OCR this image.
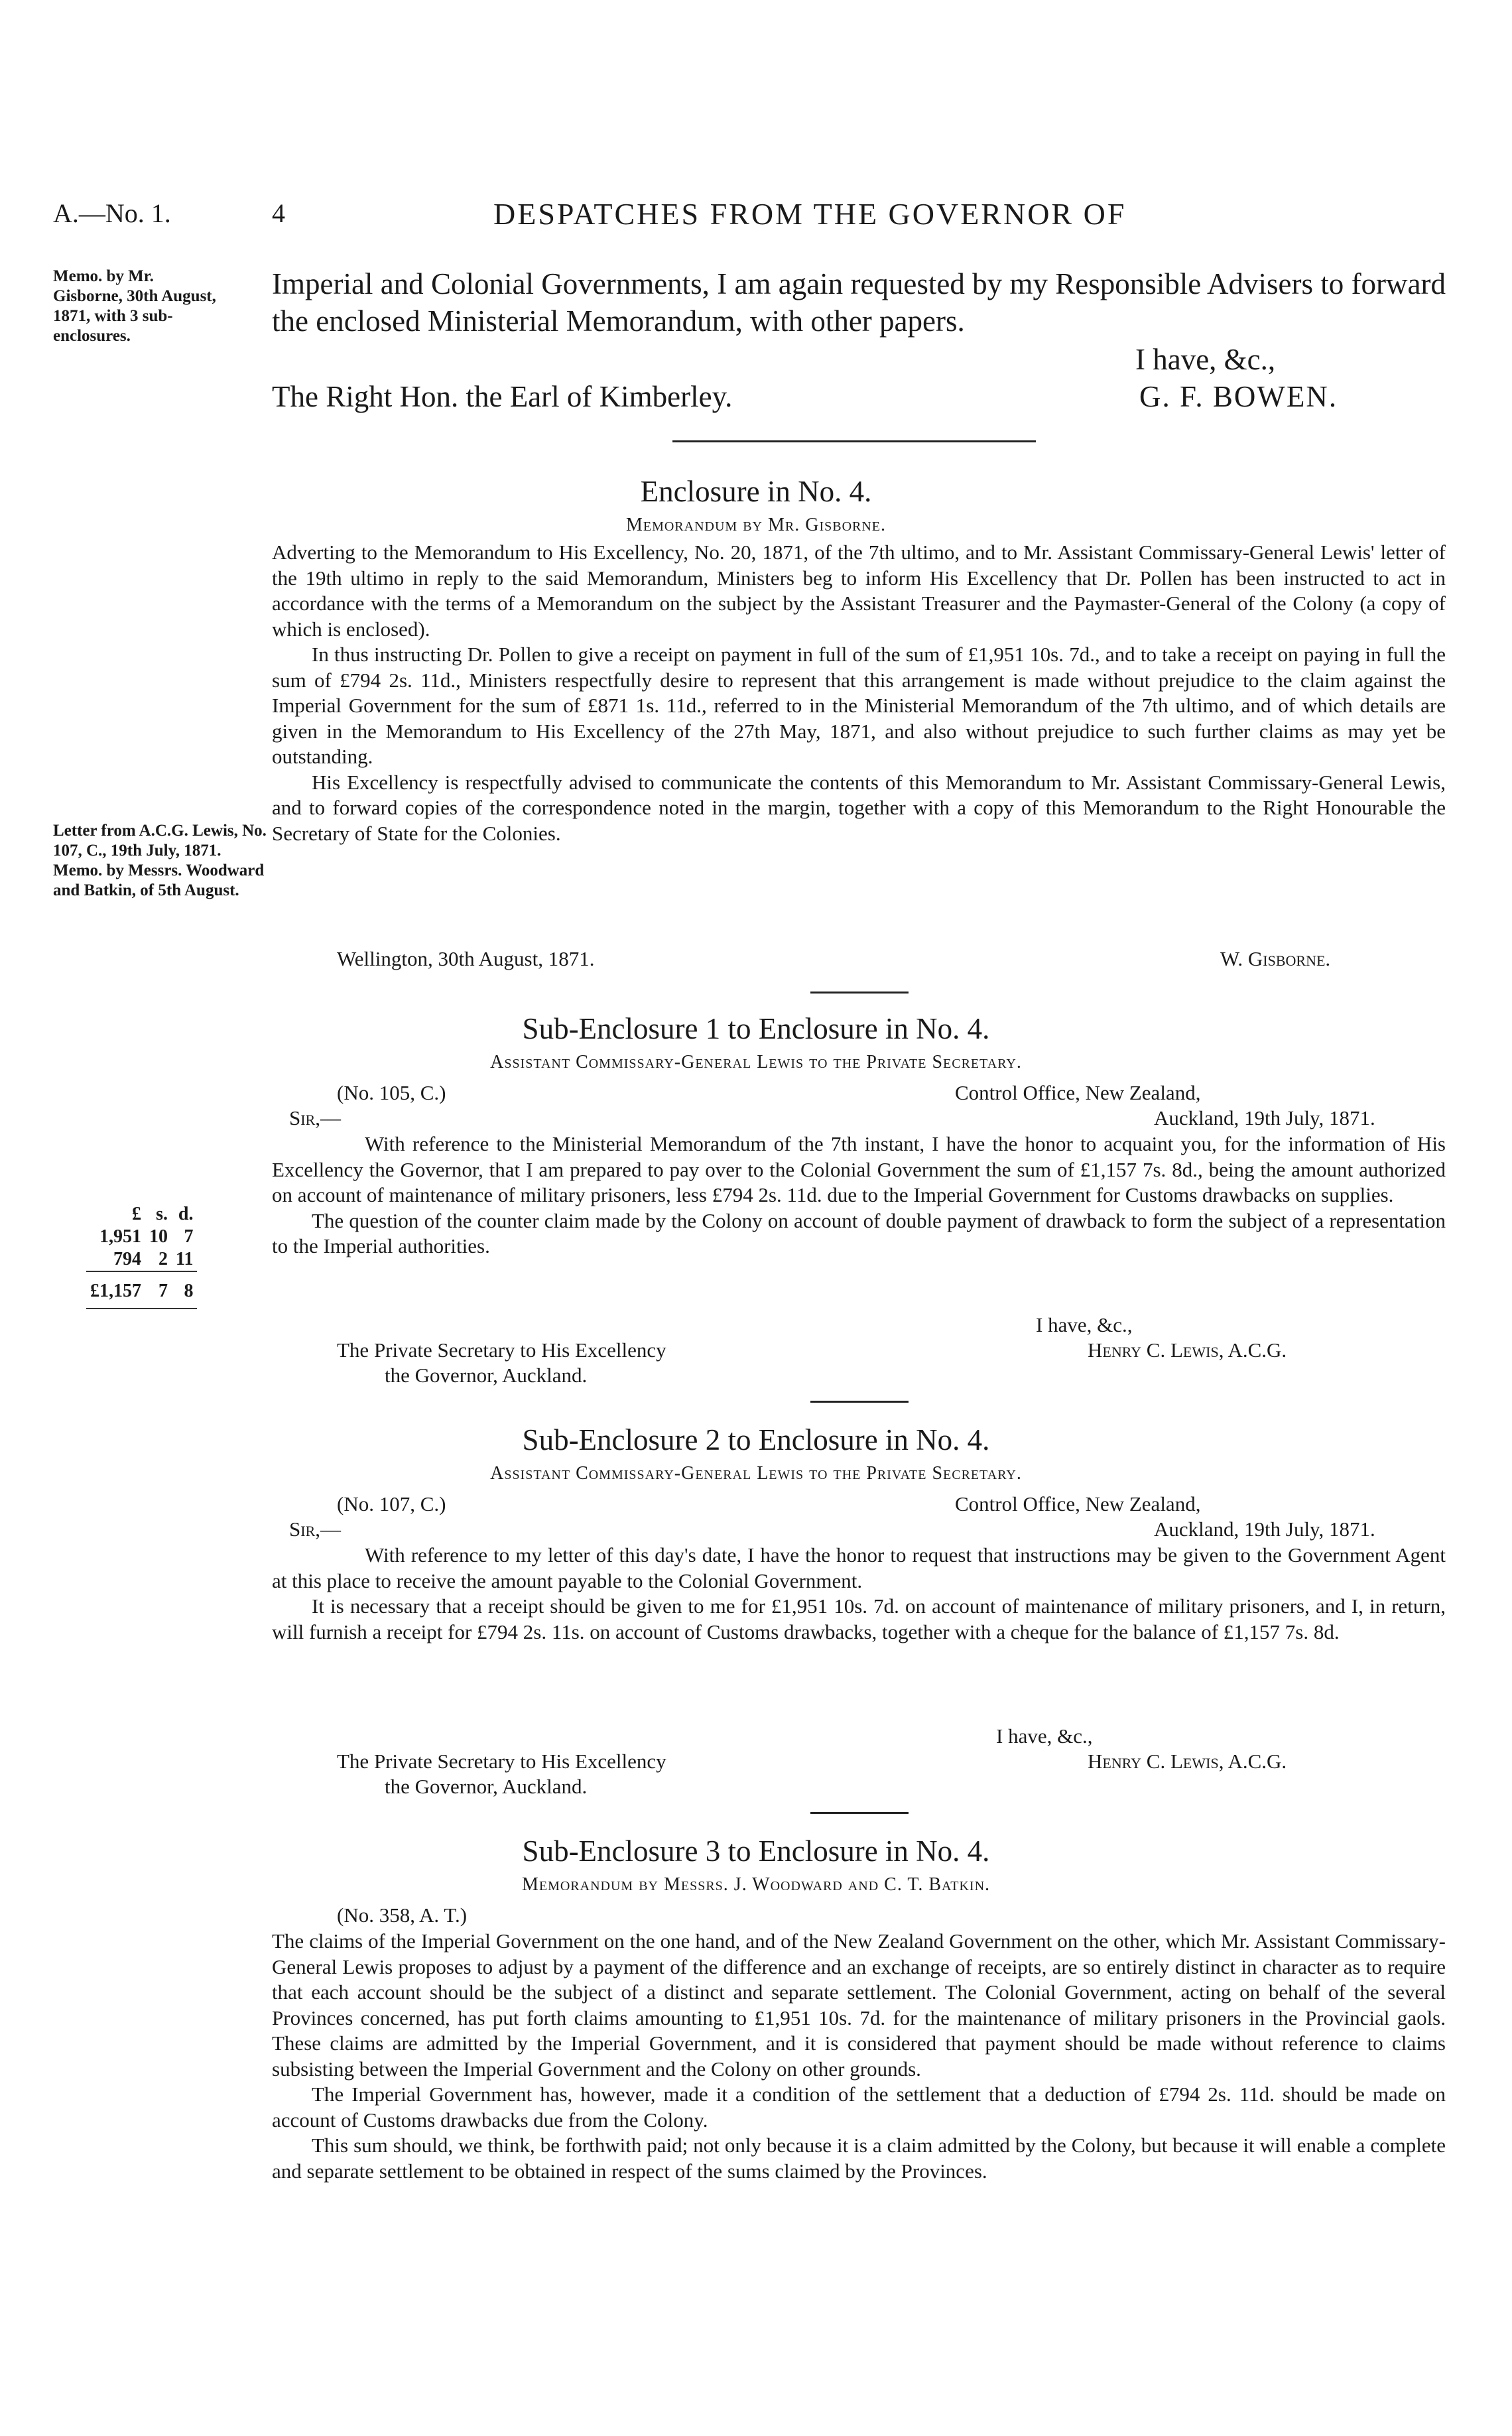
A.—No. 1.	4	DESPATCHES FROM THE GOVERNOR OF
Memo. by Mr. Gisborne, 30th August, 1871, with 3 sub-enclosures.
Imperial and Colonial Governments, I am again requested by my Responsible Advisers to forward the enclosed Ministerial Memorandum, with other papers.
I have, &c.,
The Right Hon. the Earl of Kimberley.	G. F. BOWEN.
Enclosure in No. 4.
Memorandum by Mr. Gisborne.

Adverting to the Memorandum to His Excellency, No. 20, 1871, of the 7th ultimo, and to Mr. Assistant Commissary-General Lewis' letter of the 19th ultimo in reply to the said Memorandum, Ministers beg to inform His Excellency that Dr. Pollen has been instructed to act in accordance with the terms of a Memorandum on the subject by the Assistant Treasurer and the Paymaster-General of the Colony (a copy of which is enclosed).

In thus instructing Dr. Pollen to give a receipt on payment in full of the sum of £1,951 10s. 7d., and to take a receipt on paying in full the sum of £794 2s. 11d., Ministers respectfully desire to represent that this arrangement is made without prejudice to the claim against the Imperial Government for the sum of £871 1s. 11d., referred to in the Ministerial Memorandum of the 7th ultimo, and of which details are given in the Memorandum to His Excellency of the 27th May, 1871, and also without prejudice to such further claims as may yet be outstanding.

His Excellency is respectfully advised to communicate the contents of this Memorandum to Mr. Assistant Commissary-General Lewis, and to forward copies of the correspondence noted in the margin, together with a copy of this Memorandum to the Right Honourable the Secretary of State for the Colonies.

Wellington, 30th August, 1871.	W. Gisborne.
Letter from A.C.G. Lewis, No. 107, C., 19th July, 1871. Memo. by Messrs. Woodward and Batkin, of 5th August.
Sub-Enclosure 1 to Enclosure in No. 4.
Assistant Commissary-General Lewis to the Private Secretary.
(No. 105, C.)	Control Office, New Zealand,
Sir,—	Auckland, 19th July, 1871.

With reference to the Ministerial Memorandum of the 7th instant, I have the honor to acquaint you, for the information of His Excellency the Governor, that I am prepared to pay over to the Colonial Government the sum of £1,157 7s. 8d., being the amount authorized on account of maintenance of military prisoners, less £794 2s. 11d. due to the Imperial Government for Customs drawbacks on supplies.

The question of the counter claim made by the Colony on account of double payment of drawback to form the subject of a representation to the Imperial authorities.

I have, &c.,
The Private Secretary to His Excellency	Henry C. Lewis, A.C.G.
the Governor, Auckland.
£	s.	d.
1,951	10	7
794	2	11
£1,157	7	8
Sub-Enclosure 2 to Enclosure in No. 4.
Assistant Commissary-General Lewis to the Private Secretary.
(No. 107, C.)	Control Office, New Zealand,
Sir,—	Auckland, 19th July, 1871.

With reference to my letter of this day's date, I have the honor to request that instructions may be given to the Government Agent at this place to receive the amount payable to the Colonial Government.

It is necessary that a receipt should be given to me for £1,951 10s. 7d. on account of maintenance of military prisoners, and I, in return, will furnish a receipt for £794 2s. 11s. on account of Customs drawbacks, together with a cheque for the balance of £1,157 7s. 8d.

I have, &c.,
The Private Secretary to His Excellency	Henry C. Lewis, A.C.G.
the Governor, Auckland.
Sub-Enclosure 3 to Enclosure in No. 4.
Memorandum by Messrs. J. Woodward and C. T. Batkin.
(No. 358, A. T.)

The claims of the Imperial Government on the one hand, and of the New Zealand Government on the other, which Mr. Assistant Commissary-General Lewis proposes to adjust by a payment of the difference and an exchange of receipts, are so entirely distinct in character as to require that each account should be the subject of a distinct and separate settlement. The Colonial Government, acting on behalf of the several Provinces concerned, has put forth claims amounting to £1,951 10s. 7d. for the maintenance of military prisoners in the Provincial gaols. These claims are admitted by the Imperial Government, and it is considered that payment should be made without reference to claims subsisting between the Imperial Government and the Colony on other grounds.

The Imperial Government has, however, made it a condition of the settlement that a deduction of £794 2s. 11d. should be made on account of Customs drawbacks due from the Colony.

This sum should, we think, be forthwith paid; not only because it is a claim admitted by the Colony, but because it will enable a complete and separate settlement to be obtained in respect of the sums claimed by the Provinces.
